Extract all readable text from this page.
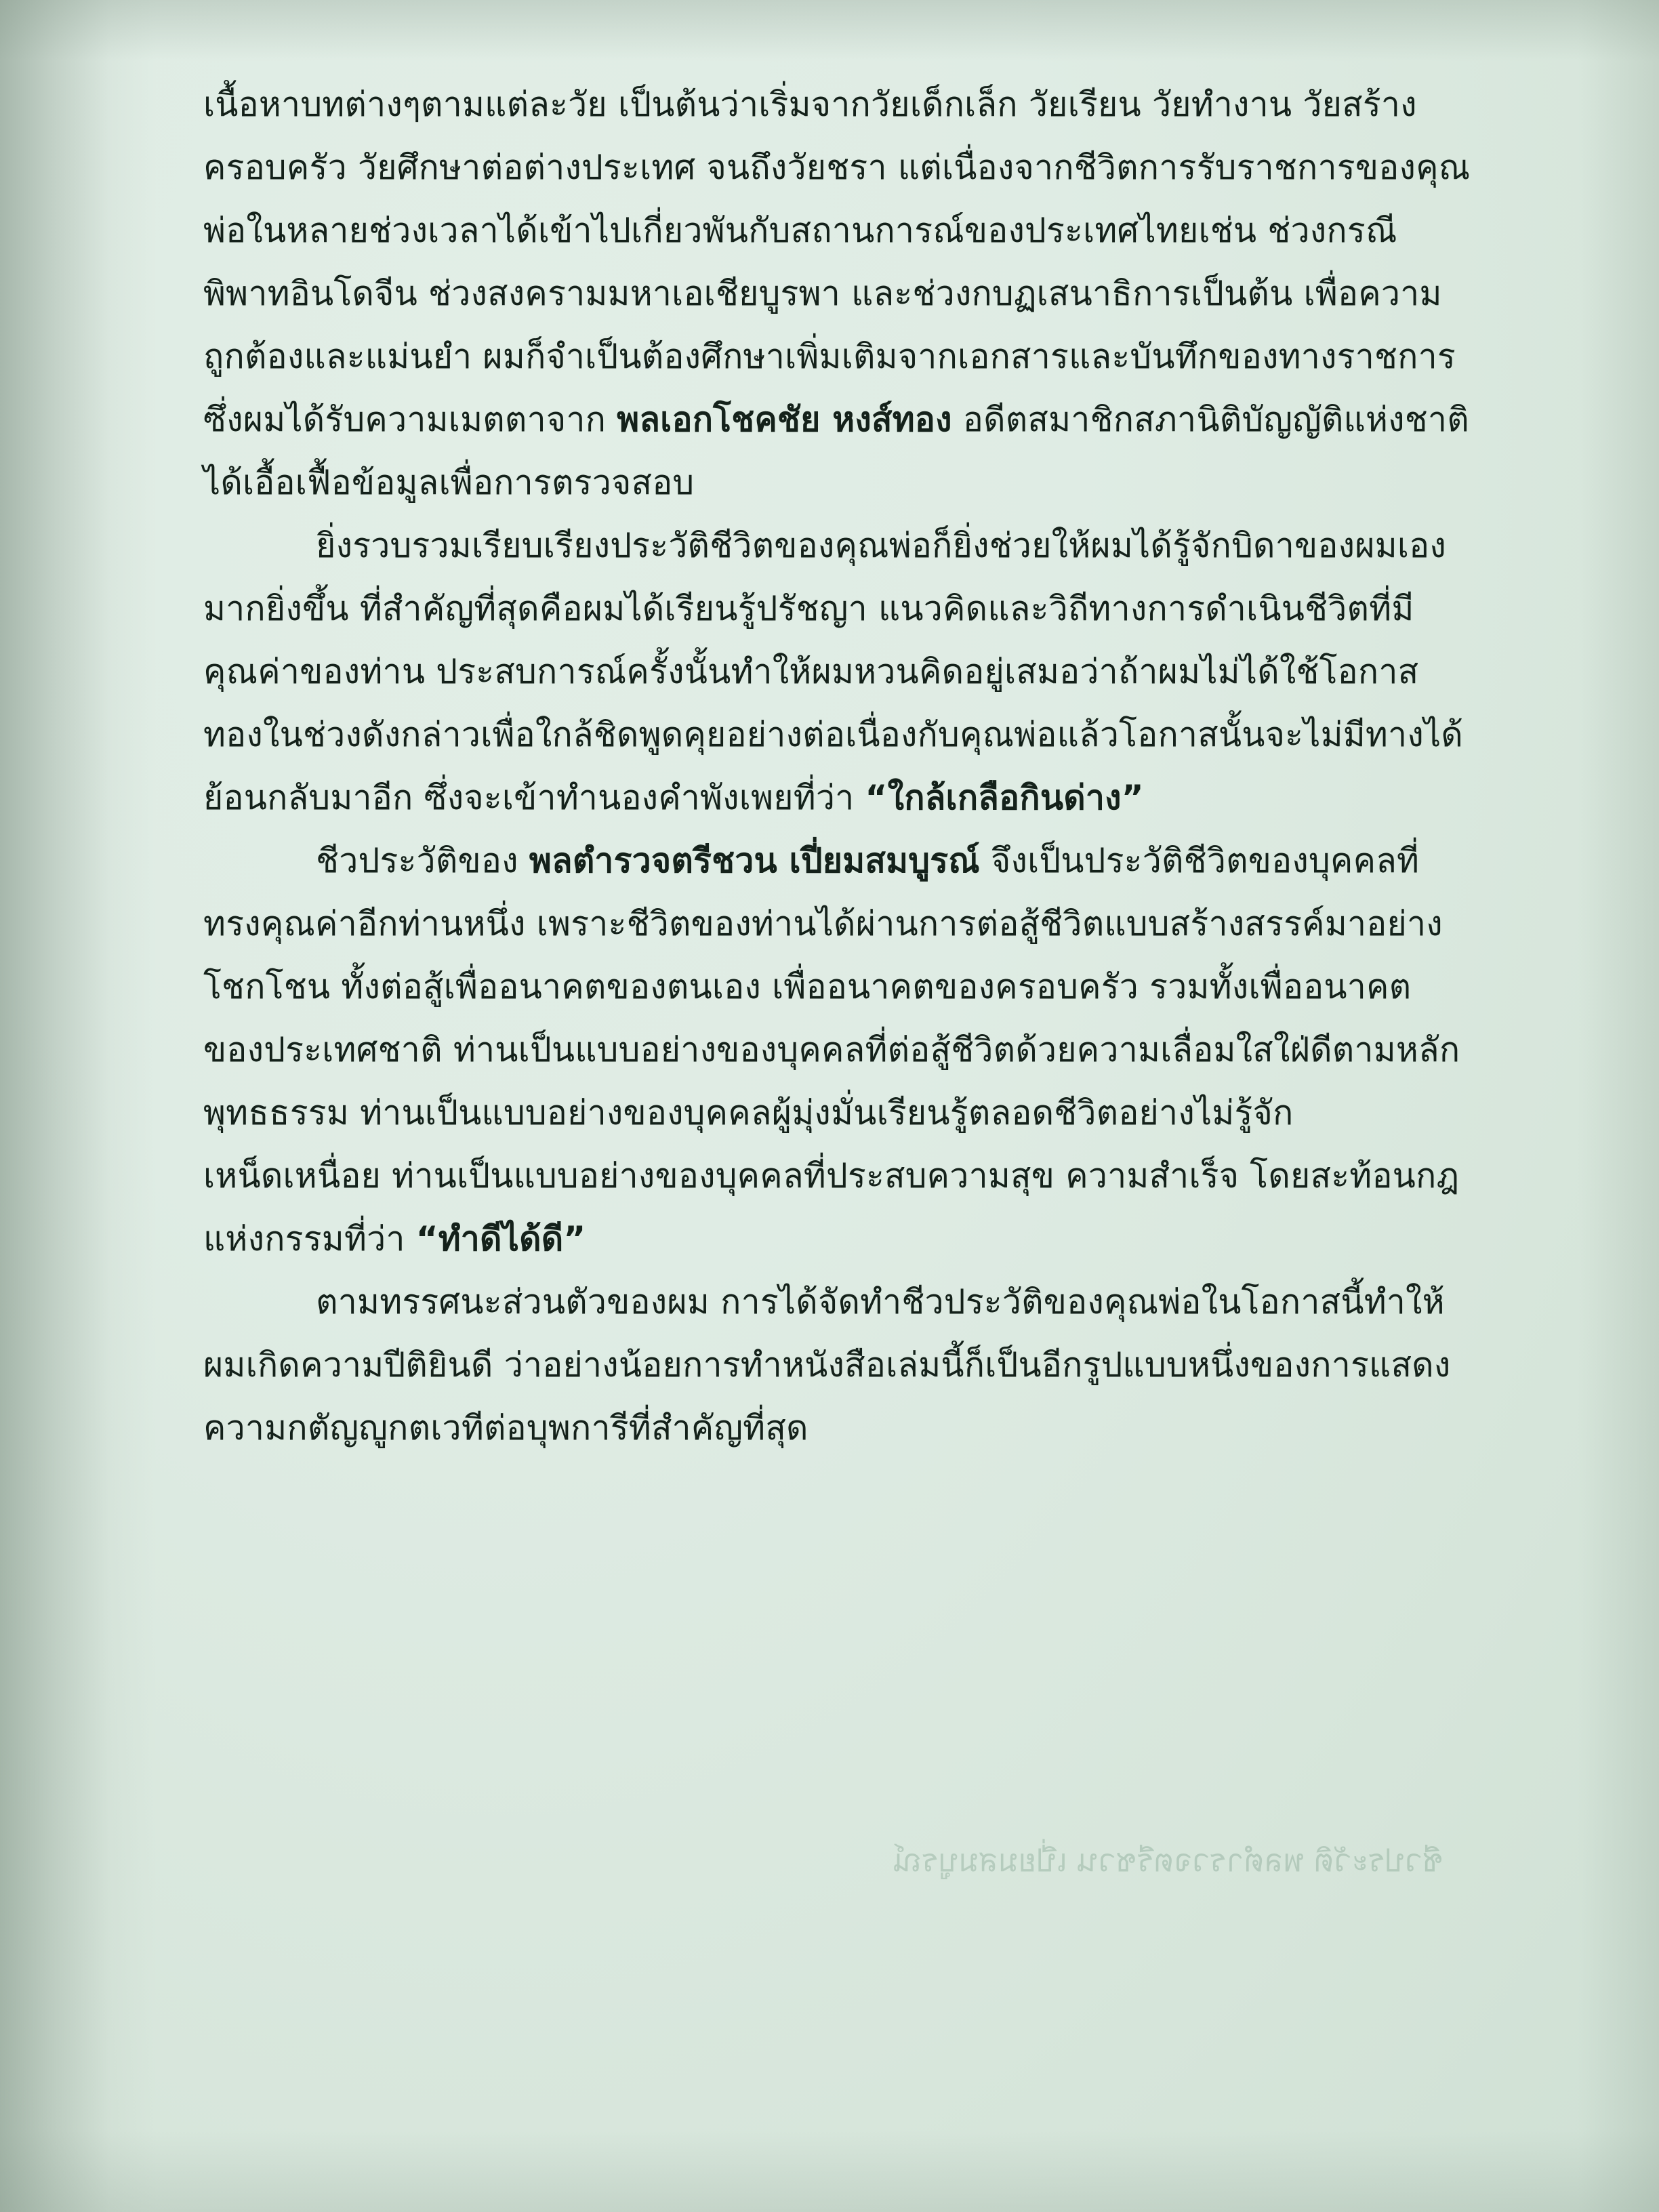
ชีวประวัติ พลตำรวจตรีชวน เปี่ยมสมบูรณ์

เนื้อหาบทต่างๆตามแต่ละวัย เป็นต้นว่าเริ่มจากวัยเด็กเล็ก วัยเรียน วัยทำงาน วัยสร้างครอบครัว วัยศึกษาต่อต่างประเทศ จนถึงวัยชรา แต่เนื่องจากชีวิตการรับราชการของคุณพ่อในหลายช่วงเวลาได้เข้าไปเกี่ยวพันกับสถานการณ์ของประเทศไทยเช่น ช่วงกรณีพิพาทอินโดจีน ช่วงสงครามมหาเอเชียบูรพา และช่วงกบฏเสนาธิการเป็นต้น เพื่อความถูกต้องและแม่นยำ ผมก็จำเป็นต้องศึกษาเพิ่มเติมจากเอกสารและบันทึกของทางราชการซึ่งผมได้รับความเมตตาจาก พลเอกโชคชัย หงส์ทอง อดีตสมาชิกสภานิติบัญญัติแห่งชาติได้เอื้อเฟื้อข้อมูลเพื่อการตรวจสอบ

ยิ่งรวบรวมเรียบเรียงประวัติชีวิตของคุณพ่อก็ยิ่งช่วยให้ผมได้รู้จักบิดาของผมเองมากยิ่งขึ้น ที่สำคัญที่สุดคือผมได้เรียนรู้ปรัชญา แนวคิดและวิถีทางการดำเนินชีวิตที่มีคุณค่าของท่าน ประสบการณ์ครั้งนั้นทำให้ผมหวนคิดอยู่เสมอว่าถ้าผมไม่ได้ใช้โอกาสทองในช่วงดังกล่าวเพื่อใกล้ชิดพูดคุยอย่างต่อเนื่องกับคุณพ่อแล้วโอกาสนั้นจะไม่มีทางได้ย้อนกลับมาอีก ซึ่งจะเข้าทำนองคำพังเพยที่ว่า “ใกล้เกลือกินด่าง”

ชีวประวัติของ พลตำรวจตรีชวน เปี่ยมสมบูรณ์ จึงเป็นประวัติชีวิตของบุคคลที่ทรงคุณค่าอีกท่านหนึ่ง เพราะชีวิตของท่านได้ผ่านการต่อสู้ชีวิตแบบสร้างสรรค์มาอย่างโชกโชน ทั้งต่อสู้เพื่ออนาคตของตนเอง เพื่ออนาคตของครอบครัว รวมทั้งเพื่ออนาคตของประเทศชาติ ท่านเป็นแบบอย่างของบุคคลที่ต่อสู้ชีวิตด้วยความเลื่อมใสใฝ่ดีตามหลักพุทธธรรม ท่านเป็นแบบอย่างของบุคคลผู้มุ่งมั่นเรียนรู้ตลอดชีวิตอย่างไม่รู้จักเหน็ดเหนื่อย ท่านเป็นแบบอย่างของบุคคลที่ประสบความสุข ความสำเร็จ โดยสะท้อนกฎแห่งกรรมที่ว่า “ทำดีได้ดี”

ตามทรรศนะส่วนตัวของผม การได้จัดทำชีวประวัติของคุณพ่อในโอกาสนี้ทำให้ผมเกิดความปีติยินดี ว่าอย่างน้อยการทำหนังสือเล่มนี้ก็เป็นอีกรูปแบบหนึ่งของการแสดงความกตัญญูกตเวทีต่อบุพการีที่สำคัญที่สุด
